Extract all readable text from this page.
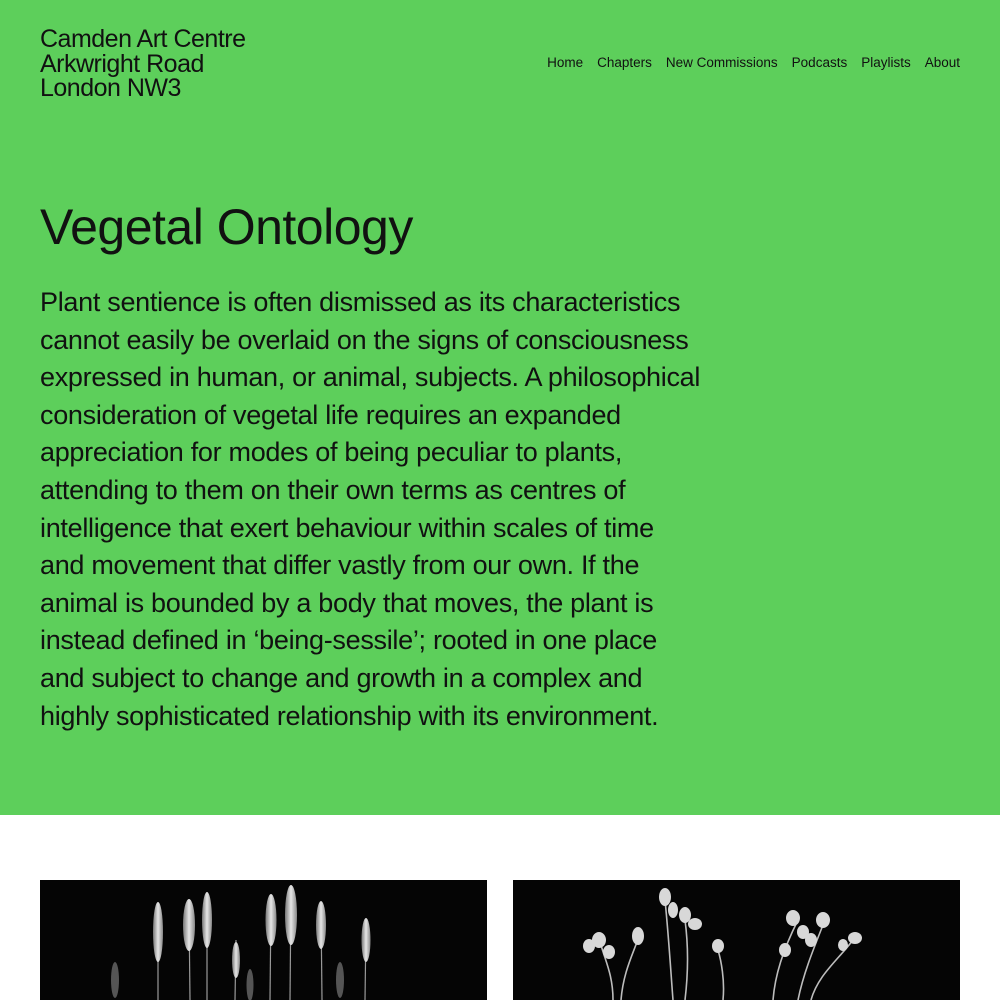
Camden Art Centre
Arkwright Road
London NW3
Home Chapters New Commissions Podcasts Playlists About
Vegetal Ontology

Plant sentience is often dismissed as its characteristics
cannot easily be overlaid on the signs of consciousness
expressed in human, or animal, subjects. A philosophical
consideration of vegetal life requires an expanded
appreciation for modes of being peculiar to plants,
attending to them on their own terms as centres of
intelligence that exert behaviour within scales of time
and movement that differ vastly from our own. If the
animal is bounded by a body that moves, the plant is
instead defined in ‘being-sessile’; rooted in one place
and subject to change and growth in a complex and
highly sophisticated relationship with its environment.
